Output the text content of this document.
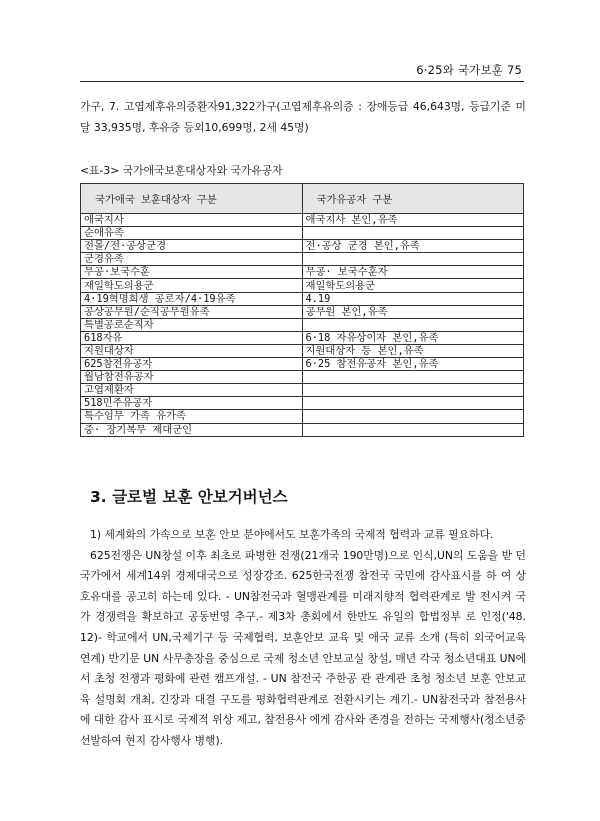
6·25와 국가보훈 75
가구, 7. 고엽제후유의증환자91,322가구(고엽제후유의증 : 장애등급 46,643명, 등급기준 미달 33,935명, 후유증 등외10,699명, 2세 45명)
<표-3> 국가애국보훈대상자와 국가유공자
국가애국 보훈대상자 구분	국가유공자 구분
애국지사	애국지사 본인,유족
순애유족	
전몰/전·공상군경	전·공상 군경 본인,유족
군경유족	
무공·보국수훈	무공· 보국수훈자
재일학도의용군	재일학도의용군
4·19혁명희생 공로자/4·19유족	4.19
공상공무원/순직공무원유족	공무원 본인,유족
특별공로순직자	
618자유	6·18 자유상이자 본인,유족
지원대상자	지원대상자 등 본인,유족
625참전유공자	6·25 참전유공자 본인,유족
월남참전유공자	
고엽제환자	
518민주유공자	
특수임무 가족 유가족	
중· 장기복무 제대군인	
3. 글로벌 보훈 안보거버넌스

1) 세계화의 가속으로 보훈 안보 분야에서도 보훈가족의 국제적 협력과 교류 필요하다.

625전쟁은 UN창설 이후 최초로 파병한 전쟁(21개국 190만명)으로 인식,UN의 도움을 받 던 국가에서 세계14위 경제대국으로 성장강조. 625한국전쟁 참전국 국민에 감사표시를 하 여 상호유대를 공고히 하는데 있다. - UN참전국과 혈맹관계를 미래지향적 협력관계로 발 전시켜 국가 경쟁력을 확보하고 공동번영 추구.- 제3차 총회에서 한반도 유일의 합법정부 로 인정('48. 12)- 학교에서 UN,국제기구 등 국제협력, 보훈안보 교육 및 애국 교류 소개 (특히 외국어교육 연계) 반기문 UN 사무총장을 중심으로 국제 청소년 안보교실 창설, 매년 각국 청소년대표 UN에서 초청 전쟁과 평화에 관련 캠프개설. - UN 참전국 주한공 관 관계관 초청 청소년 보훈 안보교육 설명회 개최, 긴장과 대결 구도를 평화협력관계로 전환시키는 계기.- UN참전국과 참전용사에 대한 감사 표시로 국제적 위상 제고, 참전용사 에게 감사와 존경을 전하는 국제행사(청소년중 선발하여 현지 감사행사 병행).
